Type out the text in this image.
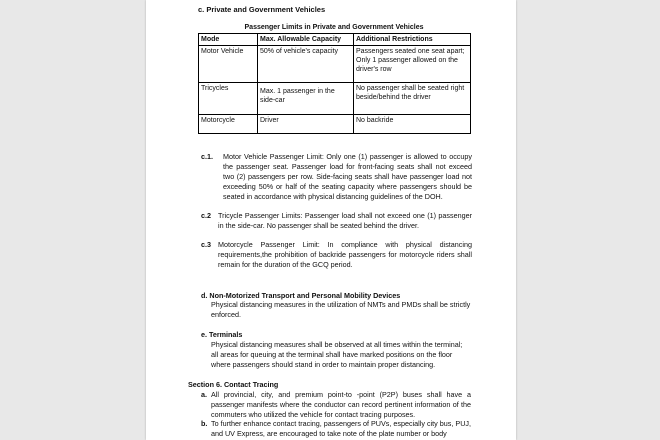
c. Private and Government Vehicles
Passenger Limits in Private and Government Vehicles
Mode	Max. Allowable Capacity	Additional Restrictions
Motor Vehicle	50% of vehicle's capacity	Passengers seated one seat apart; Only 1 passenger allowed on the driver's row
Tricycles	Max. 1 passenger in the side-car	No passenger shall be seated right beside/behind the driver
Motorcycle	Driver	No backride
c.1. Motor Vehicle Passenger Limit: Only one (1) passenger is allowed to occupy the passenger seat. Passenger load for front-facing seats shall not exceed two (2) passengers per row. Side-facing seats shall have passenger load not exceeding 50% or half of the seating capacity where passengers should be seated in accordance with physical distancing guidelines of the DOH.
c.2 Tricycle Passenger Limits: Passenger load shall not exceed one (1) passenger in the side-car. No passenger shall be seated behind the driver.
c.3 Motorcycle Passenger Limit: In compliance with physical distancing requirements,the prohibition of backride passengers for motorcycle riders shall remain for the duration of the GCQ period.
d. Non-Motorized Transport and Personal Mobility Devices
Physical distancing measures in the utilization of NMTs and PMDs shall be strictly enforced.
e. Terminals
Physical distancing measures shall be observed at all times within the terminal; all areas for queuing at the terminal shall have marked positions on the floor where passengers should stand in order to maintain proper distancing.
Section 6. Contact Tracing
a. All provincial, city, and premium point-to -point (P2P) buses shall have a passenger manifests where the conductor can record pertinent information of the commuters who utilized the vehicle for contact tracing purposes.
b. To further enhance contact tracing, passengers of PUVs, especially city bus, PUJ, and UV Express, are encouraged to take note of the plate number or body
